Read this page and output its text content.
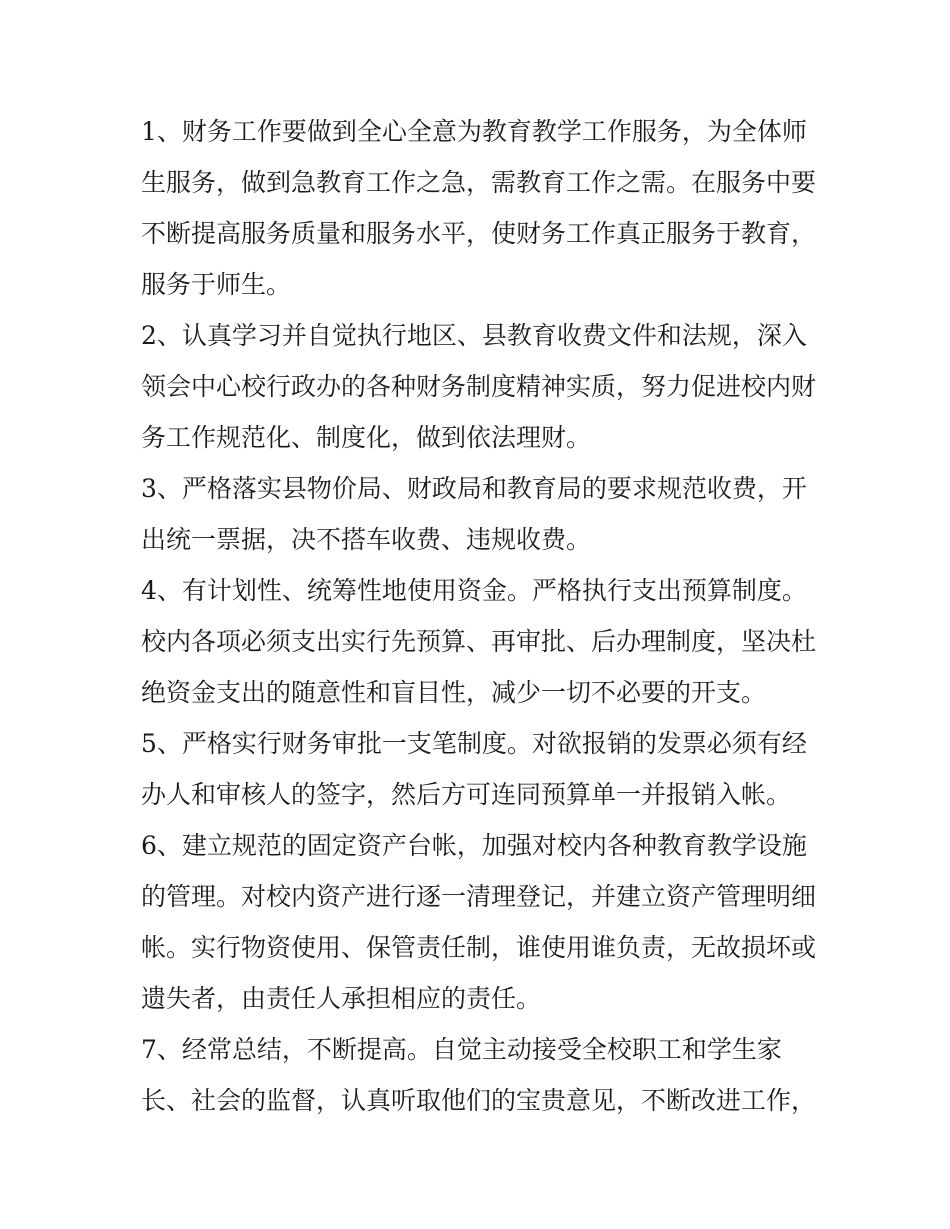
1、财务工作要做到全心全意为教育教学工作服务，为全体师
生服务，做到急教育工作之急，需教育工作之需。在服务中要
不断提高服务质量和服务水平，使财务工作真正服务于教育，
服务于师生。
2、认真学习并自觉执行地区、县教育收费文件和法规，深入
领会中心校行政办的各种财务制度精神实质，努力促进校内财
务工作规范化、制度化，做到依法理财。
3、严格落实县物价局、财政局和教育局的要求规范收费，开
出统一票据，决不搭车收费、违规收费。
4、有计划性、统筹性地使用资金。严格执行支出预算制度。
校内各项必须支出实行先预算、再审批、后办理制度，坚决杜
绝资金支出的随意性和盲目性，减少一切不必要的开支。
5、严格实行财务审批一支笔制度。对欲报销的发票必须有经
办人和审核人的签字，然后方可连同预算单一并报销入帐。
6、建立规范的固定资产台帐，加强对校内各种教育教学设施
的管理。对校内资产进行逐一清理登记，并建立资产管理明细
帐。实行物资使用、保管责任制，谁使用谁负责，无故损坏或
遗失者，由责任人承担相应的责任。
7、经常总结，不断提高。自觉主动接受全校职工和学生家
长、社会的监督，认真听取他们的宝贵意见，不断改进工作，
